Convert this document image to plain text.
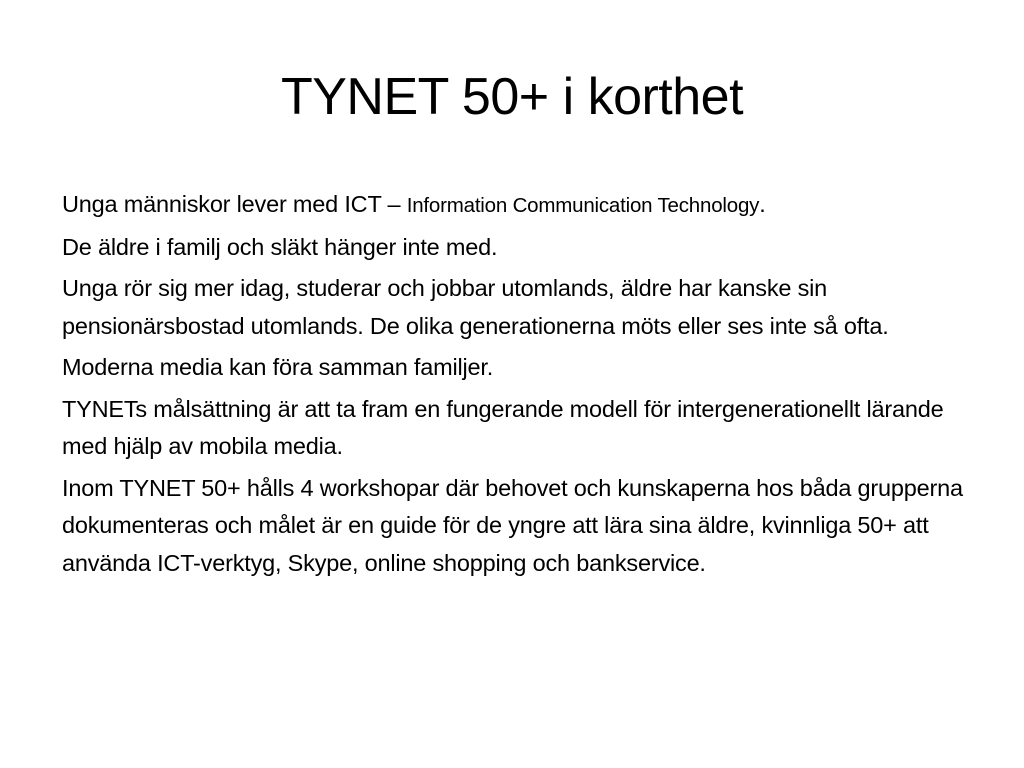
TYNET 50+ i korthet

Unga människor lever med ICT – Information Communication Technology.

De äldre i familj och släkt hänger inte med.

Unga rör sig mer idag, studerar och jobbar utomlands, äldre har kanske sin pensionärsbostad utomlands. De olika generationerna möts eller ses inte så ofta.

Moderna media kan föra samman familjer.

TYNETs målsättning är att ta fram en fungerande modell för intergenerationellt lärande med hjälp av mobila media.

Inom TYNET 50+ hålls 4 workshopar där behovet och kunskaperna hos båda grupperna dokumenteras och målet är en guide för de yngre att lära sina äldre, kvinnliga 50+ att använda ICT-verktyg, Skype, online shopping och bankservice.
